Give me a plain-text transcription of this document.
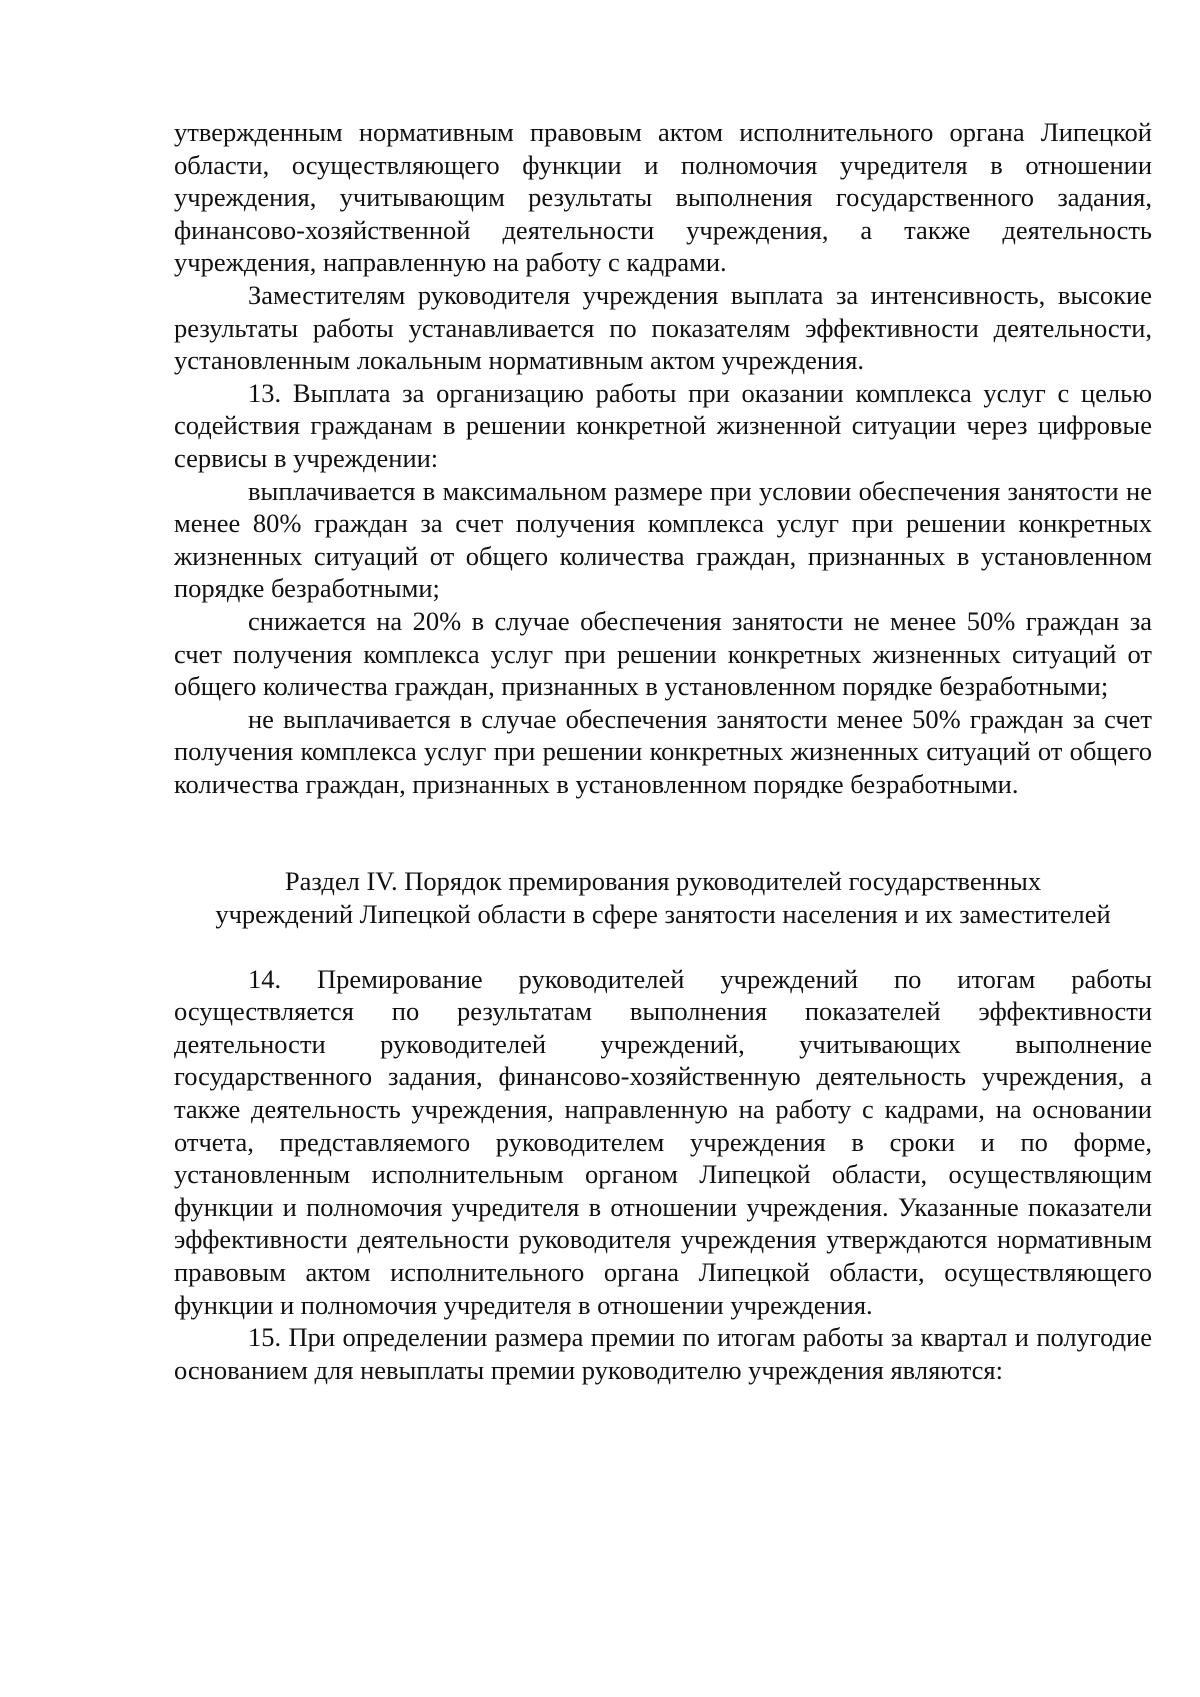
утвержденным нормативным правовым актом исполнительного органа Липецкой области, осуществляющего функции и полномочия учредителя в отношении учреждения, учитывающим результаты выполнения государственного задания, финансово-хозяйственной деятельности учреждения, а также деятельность учреждения, направленную на работу с кадрами.

Заместителям руководителя учреждения выплата за интенсивность, высокие результаты работы устанавливается по показателям эффективности деятельности, установленным локальным нормативным актом учреждения.

13. Выплата за организацию работы при оказании комплекса услуг с целью содействия гражданам в решении конкретной жизненной ситуации через цифровые сервисы в учреждении:

выплачивается в максимальном размере при условии обеспечения занятости не менее 80% граждан за счет получения комплекса услуг при решении конкретных жизненных ситуаций от общего количества граждан, признанных в установленном порядке безработными;

снижается на 20% в случае обеспечения занятости не менее 50% граждан за счет получения комплекса услуг при решении конкретных жизненных ситуаций от общего количества граждан, признанных в установленном порядке безработными;

не выплачивается в случае обеспечения занятости менее 50% граждан за счет получения комплекса услуг при решении конкретных жизненных ситуаций от общего количества граждан, признанных в установленном порядке безработными.

Раздел IV. Порядок премирования руководителей государственных

учреждений Липецкой области в сфере занятости населения и их заместителей

14. Премирование руководителей учреждений по итогам работы осуществляется по результатам выполнения показателей эффективности деятельности руководителей учреждений, учитывающих выполнение государственного задания, финансово-хозяйственную деятельность учреждения, а также деятельность учреждения, направленную на работу с кадрами, на основании отчета, представляемого руководителем учреждения в сроки и по форме, установленным исполнительным органом Липецкой области, осуществляющим функции и полномочия учредителя в отношении учреждения. Указанные показатели эффективности деятельности руководителя учреждения утверждаются нормативным правовым актом исполнительного органа Липецкой области, осуществляющего функции и полномочия учредителя в отношении учреждения.

15. При определении размера премии по итогам работы за квартал и полугодие основанием для невыплаты премии руководителю учреждения являются:
